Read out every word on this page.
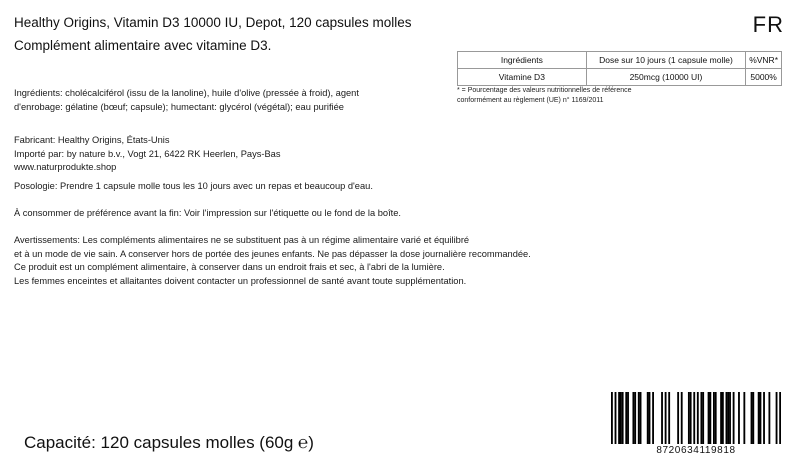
Healthy Origins, Vitamin D3 10000 IU, Depot, 120 capsules molles
Complément alimentaire avec vitamine D3.
FR
Ingrédients	Dose sur 10 jours (1 capsule molle)	%VNR*
Vitamine D3	250mcg (10000 UI)	5000%
* = Pourcentage des valeurs nutritionnelles de référence
conformément au règlement (UE) n° 1169/2011
Ingrédients: cholécalciférol (issu de la lanoline), huile d'olive (pressée à froid), agent
d'enrobage: gélatine (bœuf; capsule); humectant: glycérol (végétal); eau purifiée
Fabricant: Healthy Origins, États-Unis
Importé par: by nature b.v., Vogt 21, 6422 RK Heerlen, Pays-Bas
www.naturprodukte.shop
Posologie: Prendre 1 capsule molle tous les 10 jours avec un repas et beaucoup d'eau.
À consommer de préférence avant la fin: Voir l'impression sur l'étiquette ou le fond de la boîte.
Avertissements: Les compléments alimentaires ne se substituent pas à un régime alimentaire varié et équilibré
et à un mode de vie sain. A conserver hors de portée des jeunes enfants. Ne pas dépasser la dose journalière recommandée.
Ce produit est un complément alimentaire, à conserver dans un endroit frais et sec, à l'abri de la lumière.
Les femmes enceintes et allaitantes doivent contacter un professionnel de santé avant toute supplémentation.
Capacité: 120 capsules molles (60g ℮)	8720634119818
